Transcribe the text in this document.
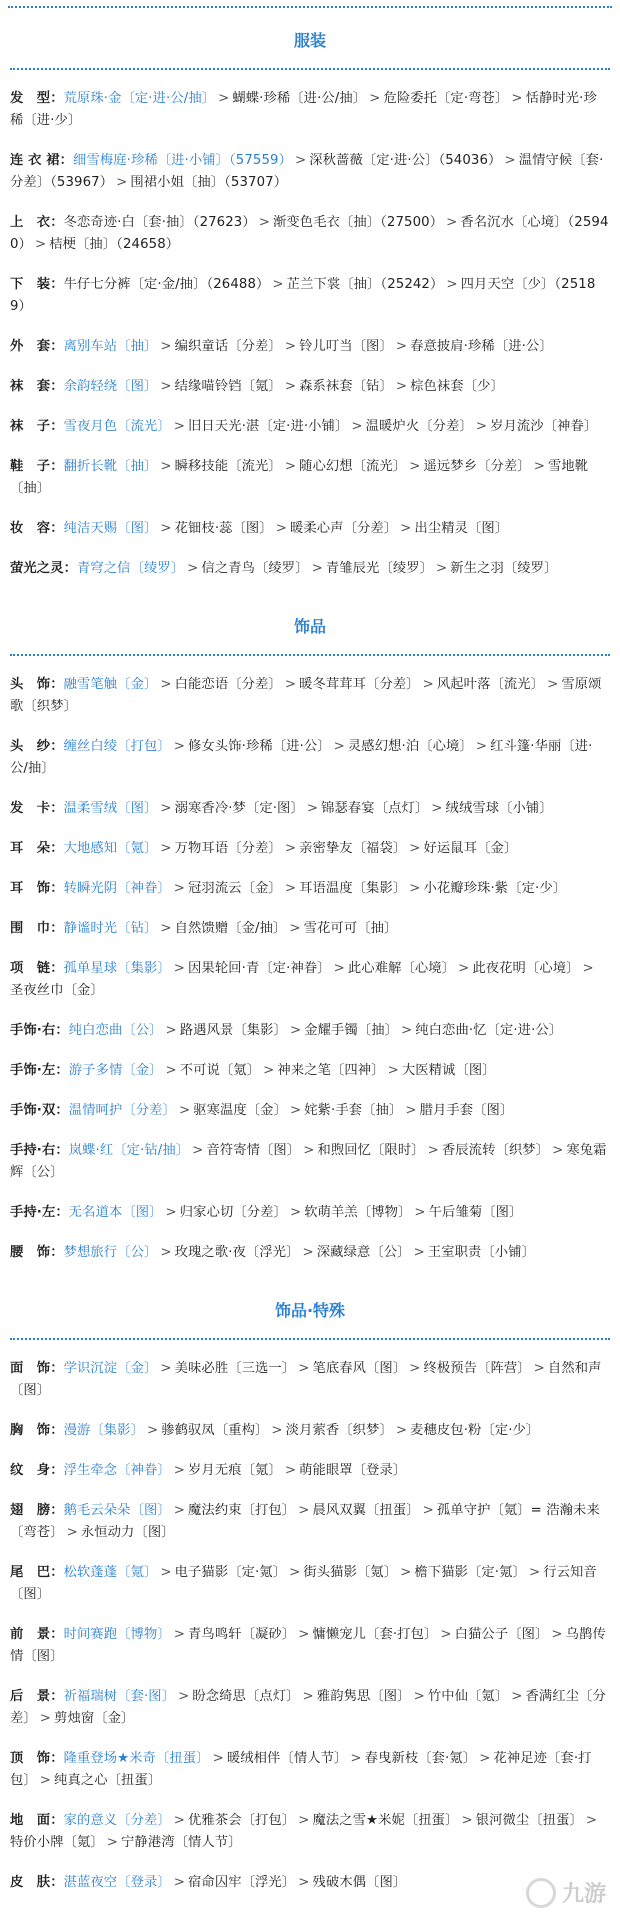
服装
发　型：荒原珠·金〔定·进·公/抽〕 > 蝴蝶·珍稀〔进·公/抽〕 > 危险委托〔定·弯苍〕 > 恬静时光·珍稀〔进·少〕
连 衣 裙：细雪梅庭·珍稀〔进·小铺〕（57559） > 深秋蔷薇〔定·进·公〕（54036） > 温情守候〔套·分差〕（53967） > 围裙小姐〔抽〕（53707）
上　衣：冬恋奇迹·白〔套·抽〕（27623） > 渐变色毛衣〔抽〕（27500） > 香名沉水〔心境〕（25940） > 桔梗〔抽〕（24658）
下　装：牛仔七分裤〔定·金/抽〕（26488） > 芷兰下裳〔抽〕（25242） > 四月天空〔少〕（25189）
外　套：离别车站〔抽〕 > 编织童话〔分差〕 > 铃儿叮当〔图〕 > 春意披肩·珍稀〔进·公〕
袜　套：余韵轻绕〔图〕 > 结缘喵铃铛〔氪〕 > 森系袜套〔钻〕 > 棕色袜套〔少〕
袜　子：雪夜月色〔流光〕 > 旧日天光·湛〔定·进·小铺〕 > 温暖炉火〔分差〕 > 岁月流沙〔神眷〕
鞋　子：翻折长靴〔抽〕 > 瞬移技能〔流光〕 > 随心幻想〔流光〕 > 遥远梦乡〔分差〕 > 雪地靴〔抽〕
妆　容：纯洁天赐〔图〕 > 花钿枝·蕊〔图〕 > 暖柔心声〔分差〕 > 出尘精灵〔图〕
萤光之灵：青穹之信〔绫罗〕 > 信之青鸟〔绫罗〕 > 青雏辰光〔绫罗〕 > 新生之羽〔绫罗〕
饰品
头　饰：融雪笔触〔金〕 > 白能恋语〔分差〕 > 暖冬茸茸耳〔分差〕 > 风起叶落〔流光〕 > 雪原颂歌〔织梦〕
头　纱：缠丝白绫〔打包〕 > 修女头饰·珍稀〔进·公〕 > 灵感幻想·泊〔心境〕 > 红斗篷·华丽〔进·公/抽〕
发　卡：温柔雪绒〔图〕 > 溺寒香冷·梦〔定·图〕 > 锦瑟春宴〔点灯〕 > 绒绒雪球〔小铺〕
耳　朵：大地感知〔氪〕 > 万物耳语〔分差〕 > 亲密挚友〔福袋〕 > 好运鼠耳〔金〕
耳　饰：转瞬光阴〔神眷〕 > 冠羽流云〔金〕 > 耳语温度〔集影〕 > 小花瓣珍珠·紫〔定·少〕
围　巾：静谧时光〔钻〕 > 自然馈赠〔金/抽〕 > 雪花可可〔抽〕
项　链：孤单星球〔集影〕 > 因果轮回·青〔定·神眷〕 > 此心难解〔心境〕 > 此夜花明〔心境〕 >圣夜丝巾〔金〕
手饰·右：纯白恋曲〔公〕 > 路遇风景〔集影〕 > 金耀手镯〔抽〕 > 纯白恋曲·忆〔定·进·公〕
手饰·左：游子多情〔金〕 > 不可说〔氪〕 > 神来之笔〔四神〕 > 大医精诚〔图〕
手饰·双：温情呵护〔分差〕 > 驱寒温度〔金〕 > 姹紫·手套〔抽〕 > 腊月手套〔图〕
手持·右：岚蝶·红〔定·钻/抽〕 > 音符寄情〔图〕 > 和煦回忆〔限时〕 > 香辰流转〔织梦〕 > 寒兔霜辉〔公〕
手持·左：无名道本〔图〕 > 归家心切〔分差〕 > 软萌羊羔〔博物〕 > 午后雏菊〔图〕
腰　饰：梦想旅行〔公〕 > 玫瑰之歌·夜〔浮光〕 > 深藏绿意〔公〕 > 王室职责〔小铺〕
饰品·特殊
面　饰：学识沉淀〔金〕 > 美味必胜〔三选一〕 > 笔底春风〔图〕 > 终极预告〔阵营〕 > 自然和声〔图〕
胸　饰：漫游〔集影〕 > 骖鹤驭凤〔重构〕 > 淡月萦香〔织梦〕 > 麦穗皮包·粉〔定·少〕
纹　身：浮生牵念〔神眷〕 > 岁月无痕〔氪〕 > 萌能眼罩〔登录〕
翅　膀：鹅毛云朵朵〔图〕 > 魔法约束〔打包〕 > 晨风双翼〔扭蛋〕 > 孤单守护〔氪〕= 浩瀚未来〔弯苍〕 > 永恒动力〔图〕
尾　巴：松软蓬蓬〔氪〕 > 电子猫影〔定·氪〕 > 街头猫影〔氪〕 > 檐下猫影〔定·氪〕 > 行云知音〔图〕
前　景：时间赛跑〔博物〕 > 青鸟鸣轩〔凝砂〕 > 慵懒宠儿〔套·打包〕 > 白猫公子〔图〕 > 乌鹊传情〔图〕
后　景：祈福瑞树〔套·图〕 > 盼念绮思〔点灯〕 > 雅韵隽思〔图〕 > 竹中仙〔氪〕 > 香满红尘〔分差〕 > 剪烛窗〔金〕
顶　饰：隆重登场★米奇〔扭蛋〕 > 暖绒相伴〔情人节〕 > 春曳新枝〔套·氪〕 > 花神足迹〔套·打包〕 > 纯真之心〔扭蛋〕
地　面：家的意义〔分差〕 > 优雅茶会〔打包〕 > 魔法之雪★米妮〔扭蛋〕 > 银河微尘〔扭蛋〕 >特价小牌〔氪〕 > 宁静港湾〔情人节〕
皮　肤：湛蓝夜空〔登录〕 > 宿命囚牢〔浮光〕 > 残破木偶〔图〕	九游
